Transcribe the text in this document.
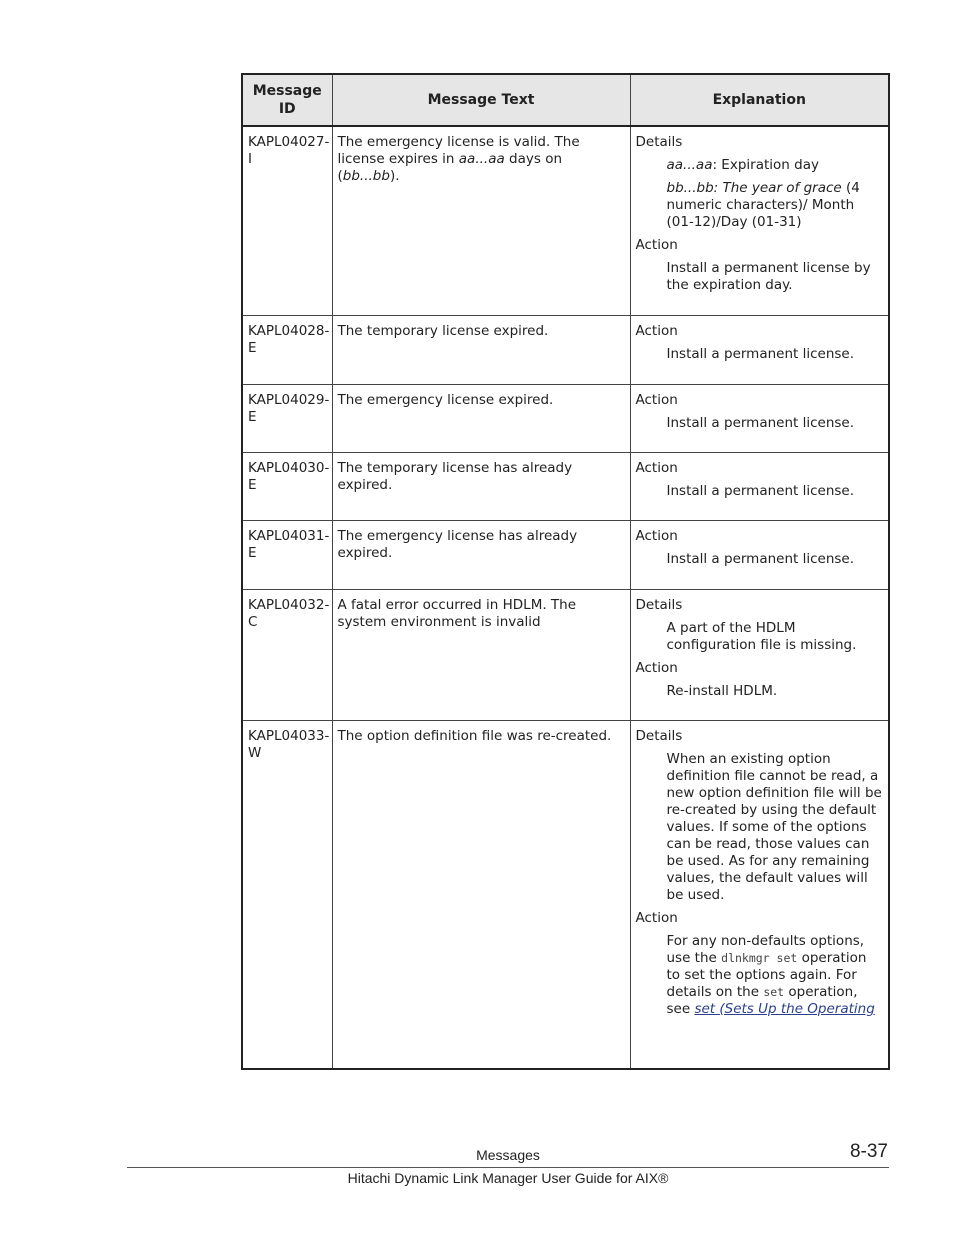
Message ID	Message Text	Explanation
KAPL04027-I	The emergency license is valid. The license expires in aa...aa days on (bb...bb).	Details

aa...aa: Expiration day

bb...bb: The year of grace (4 numeric characters)/ Month (01-12)/Day (01-31)

Action
Install a permanent license by the expiration day.

KAPL04028-E	The temporary license expired.	Action
Install a permanent license.

KAPL04029-E	The emergency license expired.	Action
Install a permanent license.

KAPL04030-E	The temporary license has already expired.	Action
Install a permanent license.

KAPL04031-E	The emergency license has already expired.	Action
Install a permanent license.

KAPL04032-C	A fatal error occurred in HDLM. The system environment is invalid	Details
A part of the HDLM configuration file is missing.
Action
Re-install HDLM.

KAPL04033-W	The option definition file was re-created.	Details
When an existing option definition file cannot be read, a new option definition file will be re-created by using the default values. If some of the options can be read, those values can be used. As for any remaining values, the default values will be used.
Action
For any non-defaults options, use the dlnkmgr set operation to set the options again. For details on the set operation, see set (Sets Up the Operating
Messages	8-37
Hitachi Dynamic Link Manager User Guide for AIX®
